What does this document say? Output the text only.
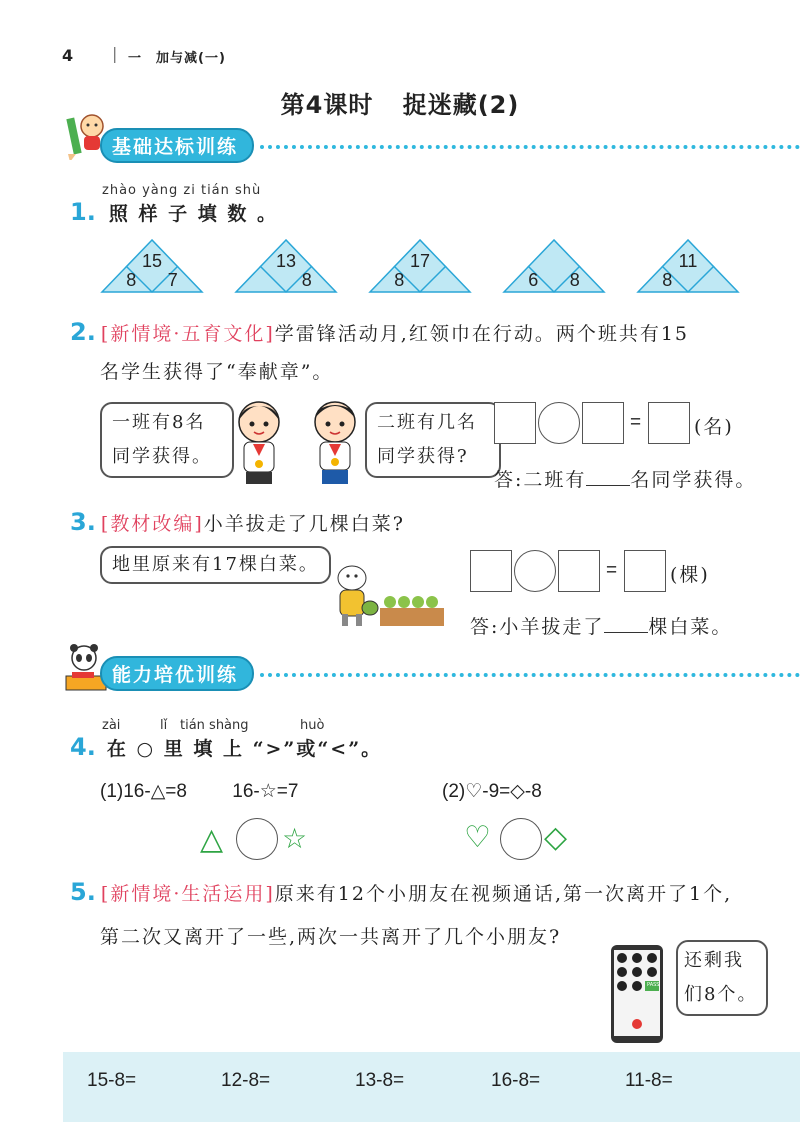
4 | 一　加与减(一)
第4课时 捉迷藏(2)
基础达标训练
zhào yàng zi tián shù
1. 照 样 子 填 数 。
15
8 7
13
8
17
8	6 8
11
8
2. [新情境·五育文化]学雷锋活动月,红领巾在行动。两个班共有15
名学生获得了“奉献章”。
一班有8名
同学获得。
二班有几名
同学获得?
=	(名)
答:二班有 名同学获得。
3. [教材改编]小羊拔走了几棵白菜?
地里原来有17棵白菜。	=	(棵)
答:小羊拔走了 棵白菜。
能力培优训练
zài	lǐ tián shàng	huò
4. 在 ○ 里 填 上 “>”或“<”。
(1)16-△=8 16-☆=7	(2)♡-9=◇-8
△ ☆	♡ ◇
5. [新情境·生活运用]原来有12个小朋友在视频通话,第一次离开了1个,
第二次又离开了一些,两次一共离开了几个小朋友?
PASS
还剩我
们8个。
15-8=	12-8=	13-8=	16-8=	11-8=
